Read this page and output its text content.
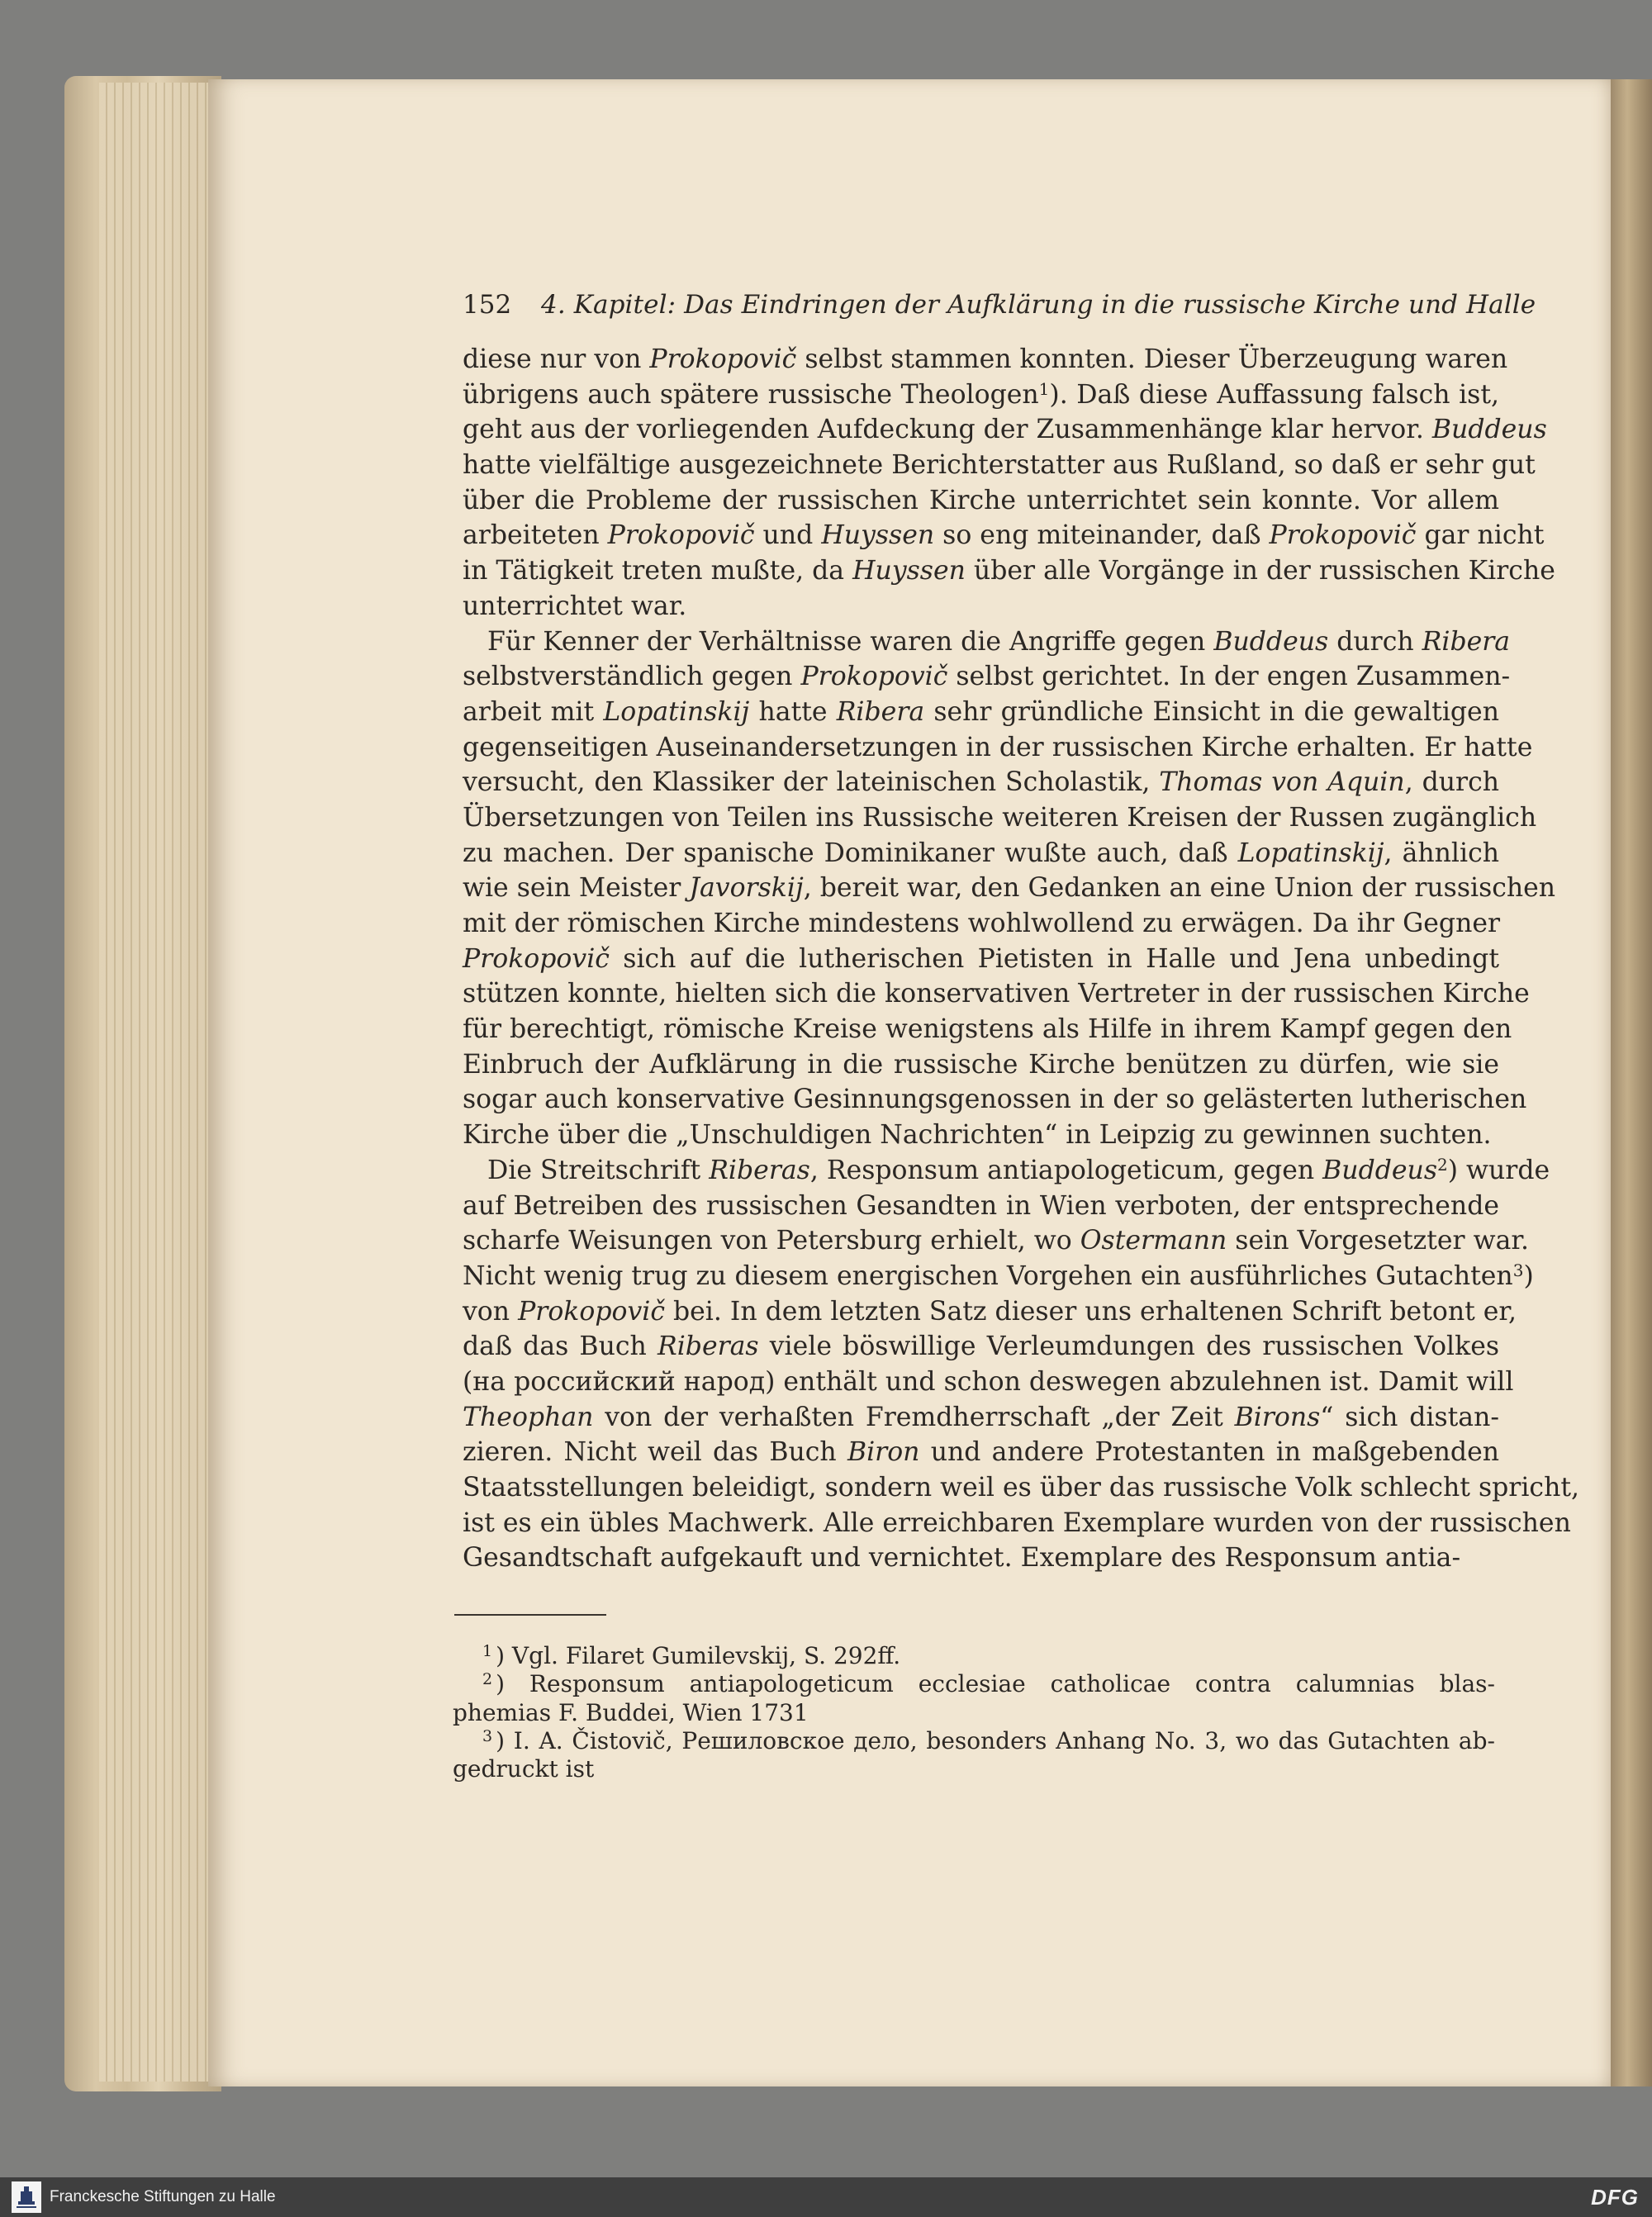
152 4. Kapitel: Das Eindringen der Aufklärung in die russische Kirche und Halle
diese nur von Prokopovič selbst stammen konnten. Dieser Überzeugung waren
übrigens auch spätere russische Theologen$^1$). Daß diese Auffassung falsch ist,
geht aus der vorliegenden Aufdeckung der Zusammenhänge klar hervor. Buddeus
hatte vielfältige ausgezeichnete Berichterstatter aus Rußland, so daß er sehr gut
über die Probleme der russischen Kirche unterrichtet sein konnte. Vor allem
arbeiteten Prokopovič und Huyssen so eng miteinander, daß Prokopovič gar nicht
in Tätigkeit treten mußte, da Huyssen über alle Vorgänge in der russischen Kirche
unterrichtet war.
Für Kenner der Verhältnisse waren die Angriffe gegen Buddeus durch Ribera
selbstverständlich gegen Prokopovič selbst gerichtet. In der engen Zusammen-
arbeit mit Lopatinskij hatte Ribera sehr gründliche Einsicht in die gewaltigen
gegenseitigen Auseinandersetzungen in der russischen Kirche erhalten. Er hatte
versucht, den Klassiker der lateinischen Scholastik, Thomas von Aquin, durch
Übersetzungen von Teilen ins Russische weiteren Kreisen der Russen zugänglich
zu machen. Der spanische Dominikaner wußte auch, daß Lopatinskij, ähnlich
wie sein Meister Javorskij, bereit war, den Gedanken an eine Union der russischen
mit der römischen Kirche mindestens wohlwollend zu erwägen. Da ihr Gegner
Prokopovič sich auf die lutherischen Pietisten in Halle und Jena unbedingt
stützen konnte, hielten sich die konservativen Vertreter in der russischen Kirche
für berechtigt, römische Kreise wenigstens als Hilfe in ihrem Kampf gegen den
Einbruch der Aufklärung in die russische Kirche benützen zu dürfen, wie sie
sogar auch konservative Gesinnungsgenossen in der so gelästerten lutherischen
Kirche über die „Unschuldigen Nachrichten“ in Leipzig zu gewinnen suchten.
Die Streitschrift Riberas, Responsum antiapologeticum, gegen Buddeus$^2$) wurde
auf Betreiben des russischen Gesandten in Wien verboten, der entsprechende
scharfe Weisungen von Petersburg erhielt, wo Ostermann sein Vorgesetzter war.
Nicht wenig trug zu diesem energischen Vorgehen ein ausführliches Gutachten$^3$)
von Prokopovič bei. In dem letzten Satz dieser uns erhaltenen Schrift betont er,
daß das Buch Riberas viele böswillige Verleumdungen des russischen Volkes
(на российский народ) enthält und schon deswegen abzulehnen ist. Damit will
Theophan von der verhaßten Fremdherrschaft „der Zeit Birons“ sich distan-
zieren. Nicht weil das Buch Biron und andere Protestanten in maßgebenden
Staatsstellungen beleidigt, sondern weil es über das russische Volk schlecht spricht,
ist es ein übles Machwerk. Alle erreichbaren Exemplare wurden von der russischen
Gesandtschaft aufgekauft und vernichtet. Exemplare des Responsum antia-
$^1$ ) Vgl. Filaret Gumilevskij, S. 292ff.
$^2$ ) Responsum antiapologeticum ecclesiae catholicae contra calumnias blas-
phemias F. Buddei, Wien 1731
$^3$ ) I. A. Čistovič, Решиловское дело, besonders Anhang No. 3, wo das Gutachten ab-
gedruckt ist
Franckesche Stiftungen zu Halle	DFG
